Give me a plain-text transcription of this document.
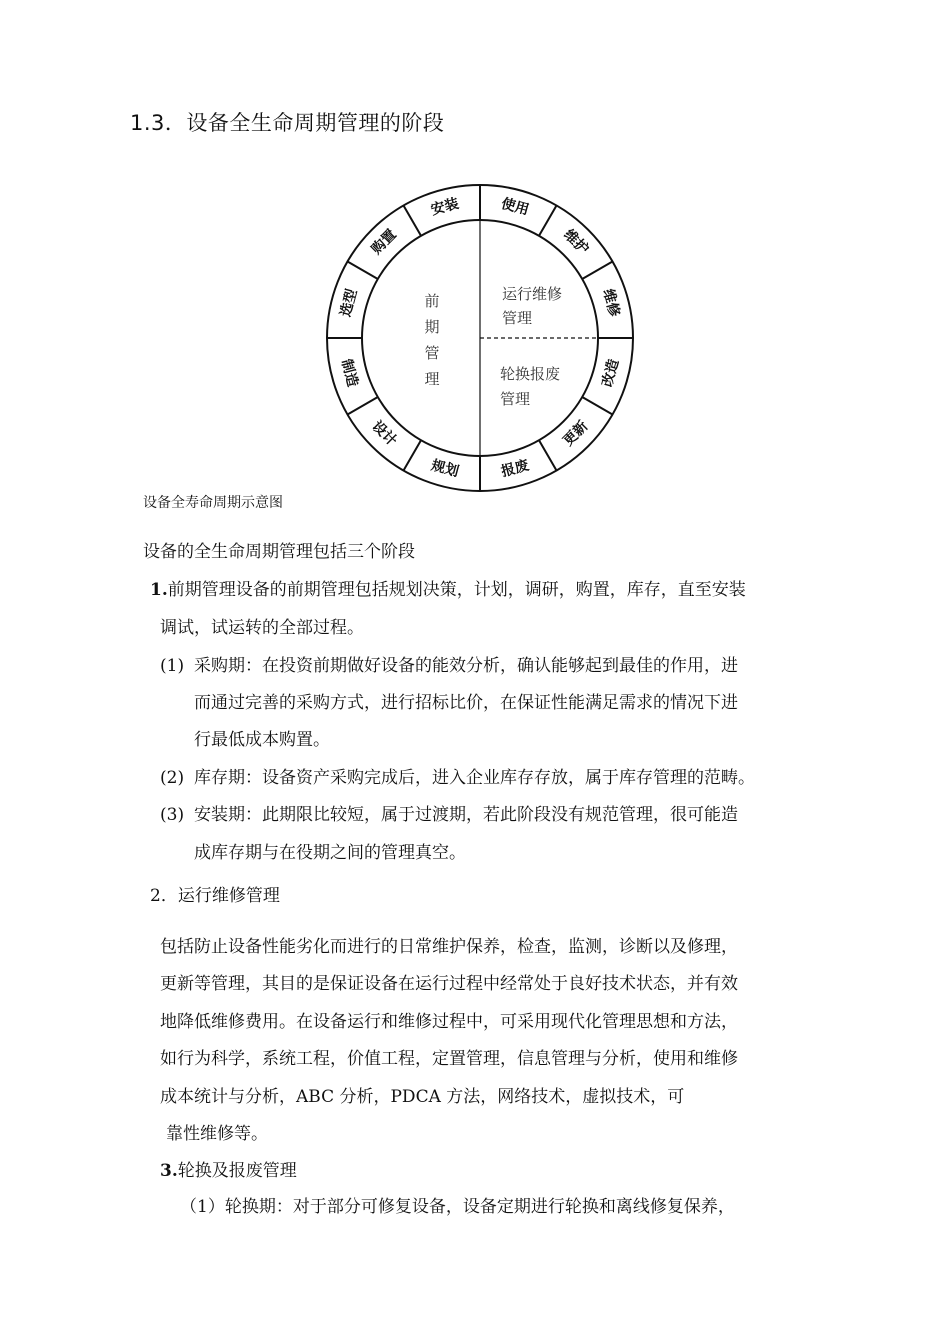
1.3．设备全生命周期管理的阶段
使用
维护
维修
改造
更新
报废
规划
设计
制造
选型
购置
安装
前
期
管
理
运行维修
管理
轮换报废
管理
设备全寿命周期示意图
设备的全生命周期管理包括三个阶段
1.前期管理设备的前期管理包括规划决策，计划，调研，购置，库存，直至安装
调试，试运转的全部过程。
(1) 采购期：在投资前期做好设备的能效分析，确认能够起到最佳的作用，进
而通过完善的采购方式，进行招标比价，在保证性能满足需求的情况下进
行最低成本购置。
(2) 库存期：设备资产采购完成后，进入企业库存存放，属于库存管理的范畴。
(3) 安装期：此期限比较短，属于过渡期，若此阶段没有规范管理，很可能造
成库存期与在役期之间的管理真空。
2．运行维修管理
包括防止设备性能劣化而进行的日常维护保养，检查，监测，诊断以及修理，
更新等管理，其目的是保证设备在运行过程中经常处于良好技术状态，并有效
地降低维修费用。在设备运行和维修过程中，可采用现代化管理思想和方法，
如行为科学，系统工程，价值工程，定置管理，信息管理与分析，使用和维修
成本统计与分析，ABC 分析，PDCA 方法，网络技术，虚拟技术，可
靠性维修等。
3.轮换及报废管理
（1）轮换期：对于部分可修复设备，设备定期进行轮换和离线修复保养，
